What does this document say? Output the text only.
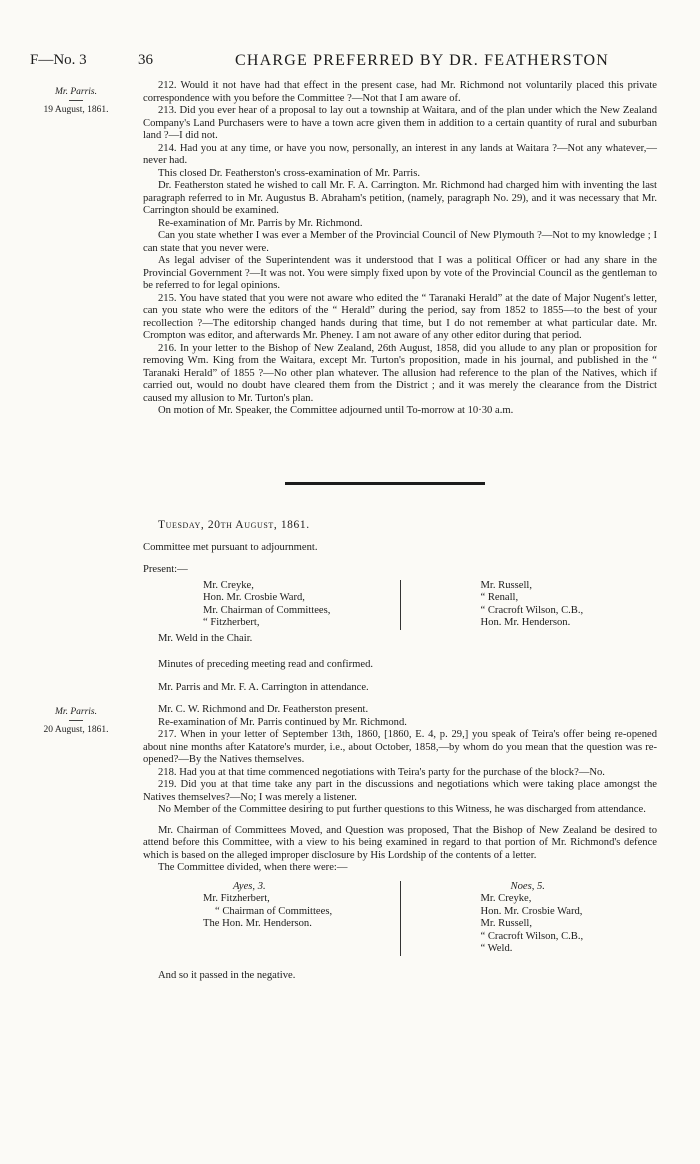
F—No. 3	36	CHARGE PREFERRED BY DR. FEATHERSTON
Mr. Parris.
19 August, 1861.

212. Would it not have had that effect in the present case, had Mr. Richmond not voluntarily placed this private correspondence with you before the Committee ?—Not that I am aware of.

213. Did you ever hear of a proposal to lay out a township at Waitara, and of the plan under which the New Zealand Company's Land Purchasers were to have a town acre given them in addition to a certain quantity of rural and suburban land ?—I did not.

214. Had you at any time, or have you now, personally, an interest in any lands at Waitara ?—Not any whatever,—never had.

This closed Dr. Featherston's cross-examination of Mr. Parris.

Dr. Featherston stated he wished to call Mr. F. A. Carrington. Mr. Richmond had charged him with inventing the last paragraph referred to in Mr. Augustus B. Abraham's petition, (namely, paragraph No. 29), and it was necessary that Mr. Carrington should be examined.

Re-examination of Mr. Parris by Mr. Richmond.

Can you state whether I was ever a Member of the Provincial Council of New Plymouth ?—Not to my knowledge ; I can state that you never were.

As legal adviser of the Superintendent was it understood that I was a political Officer or had any share in the Provincial Government ?—It was not. You were simply fixed upon by vote of the Provincial Council as the gentleman to be referred to for legal opinions.

215. You have stated that you were not aware who edited the “ Taranaki Herald” at the date of Major Nugent's letter, can you state who were the editors of the “ Herald” during the period, say from 1852 to 1855—to the best of your recollection ?—The editorship changed hands during that time, but I do not remember at what particular date. Mr. Crompton was editor, and afterwards Mr. Pheney. I am not aware of any other editor during that period.

216. In your letter to the Bishop of New Zealand, 26th August, 1858, did you allude to any plan or proposition for removing Wm. King from the Waitara, except Mr. Turton's proposition, made in his journal, and published in the “ Taranaki Herald” of 1855 ?—No other plan whatever. The allusion had reference to the plan of the Natives, which if carried out, would no doubt have cleared them from the District ; and it was merely the clearance from the District caused my allusion to Mr. Turton's plan.

On motion of Mr. Speaker, the Committee adjourned until To-morrow at 10·30 a.m.

Mr. Parris.
20 August, 1861.

Tuesday, 20th August, 1861.

Committee met pursuant to adjournment.

Present:—

Mr. Creyke,
Hon. Mr. Crosbie Ward,
Mr. Chairman of Committees,
“ Fitzherbert,
Mr. Russell,
“ Renall,
“ Cracroft Wilson, C.B.,
Hon. Mr. Henderson.

Mr. Weld in the Chair.

Minutes of preceding meeting read and confirmed.

Mr. Parris and Mr. F. A. Carrington in attendance.

Mr. C. W. Richmond and Dr. Featherston present.

Re-examination of Mr. Parris continued by Mr. Richmond.

217. When in your letter of September 13th, 1860, [1860, E. 4, p. 29,] you speak of Teira's offer being re-opened about nine months after Katatore's murder, i.e., about October, 1858,—by whom do you mean that the question was re-opened?—By the Natives themselves.

218. Had you at that time commenced negotiations with Teira's party for the purchase of the block?—No.

219. Did you at that time take any part in the discussions and negotiations which were taking place amongst the Natives themselves?—No; I was merely a listener.

No Member of the Committee desiring to put further questions to this Witness, he was discharged from attendance.

Mr. Chairman of Committees Moved, and Question was proposed, That the Bishop of New Zealand be desired to attend before this Committee, with a view to his being examined in regard to that portion of Mr. Richmond's defence which is based on the alleged improper disclosure by His Lordship of the contents of a letter.

The Committee divided, when there were:—

Ayes, 3.
Mr. Fitzherbert,
“ Chairman of Committees,
The Hon. Mr. Henderson.
Noes, 5.
Mr. Creyke,
Hon. Mr. Crosbie Ward,
Mr. Russell,
“ Cracroft Wilson, C.B.,
“ Weld.

And so it passed in the negative.
